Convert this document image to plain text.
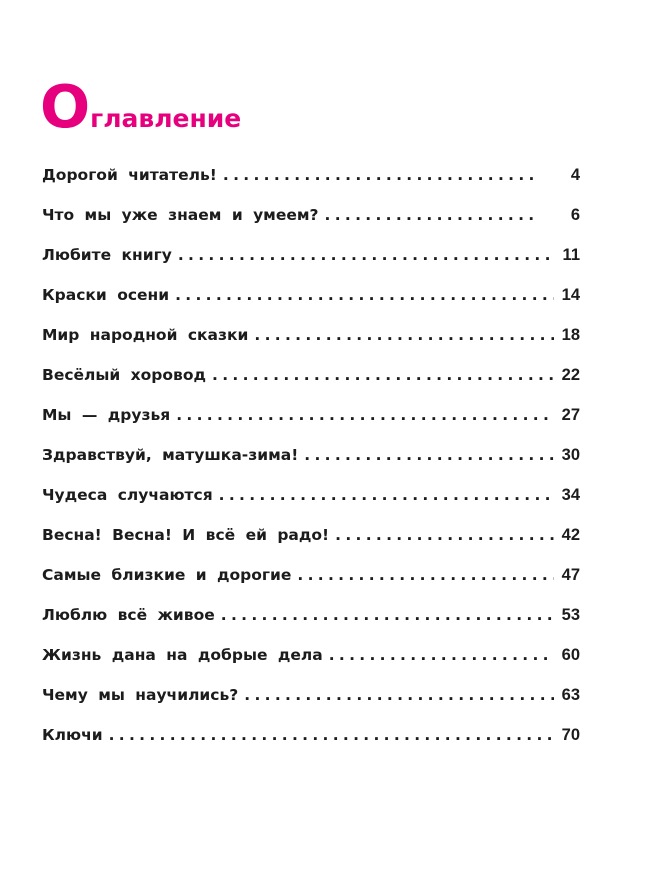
О главление
Дорогой читатель! .....	4
Что мы уже знаем и умеем? .....	6
Любите книгу .....	11
Краски осени .....	14
Мир народной сказки .....	18
Весёлый хоровод .....	22
Мы — друзья .....	27
Здравствуй, матушка-зима! .....	30
Чудеса случаются .....	34
Весна! Весна! И всё ей радо! .....	42
Самые близкие и дорогие .....	47
Люблю всё живое .....	53
Жизнь дана на добрые дела .....	60
Чему мы научились? .....	63
Ключи .....	70
